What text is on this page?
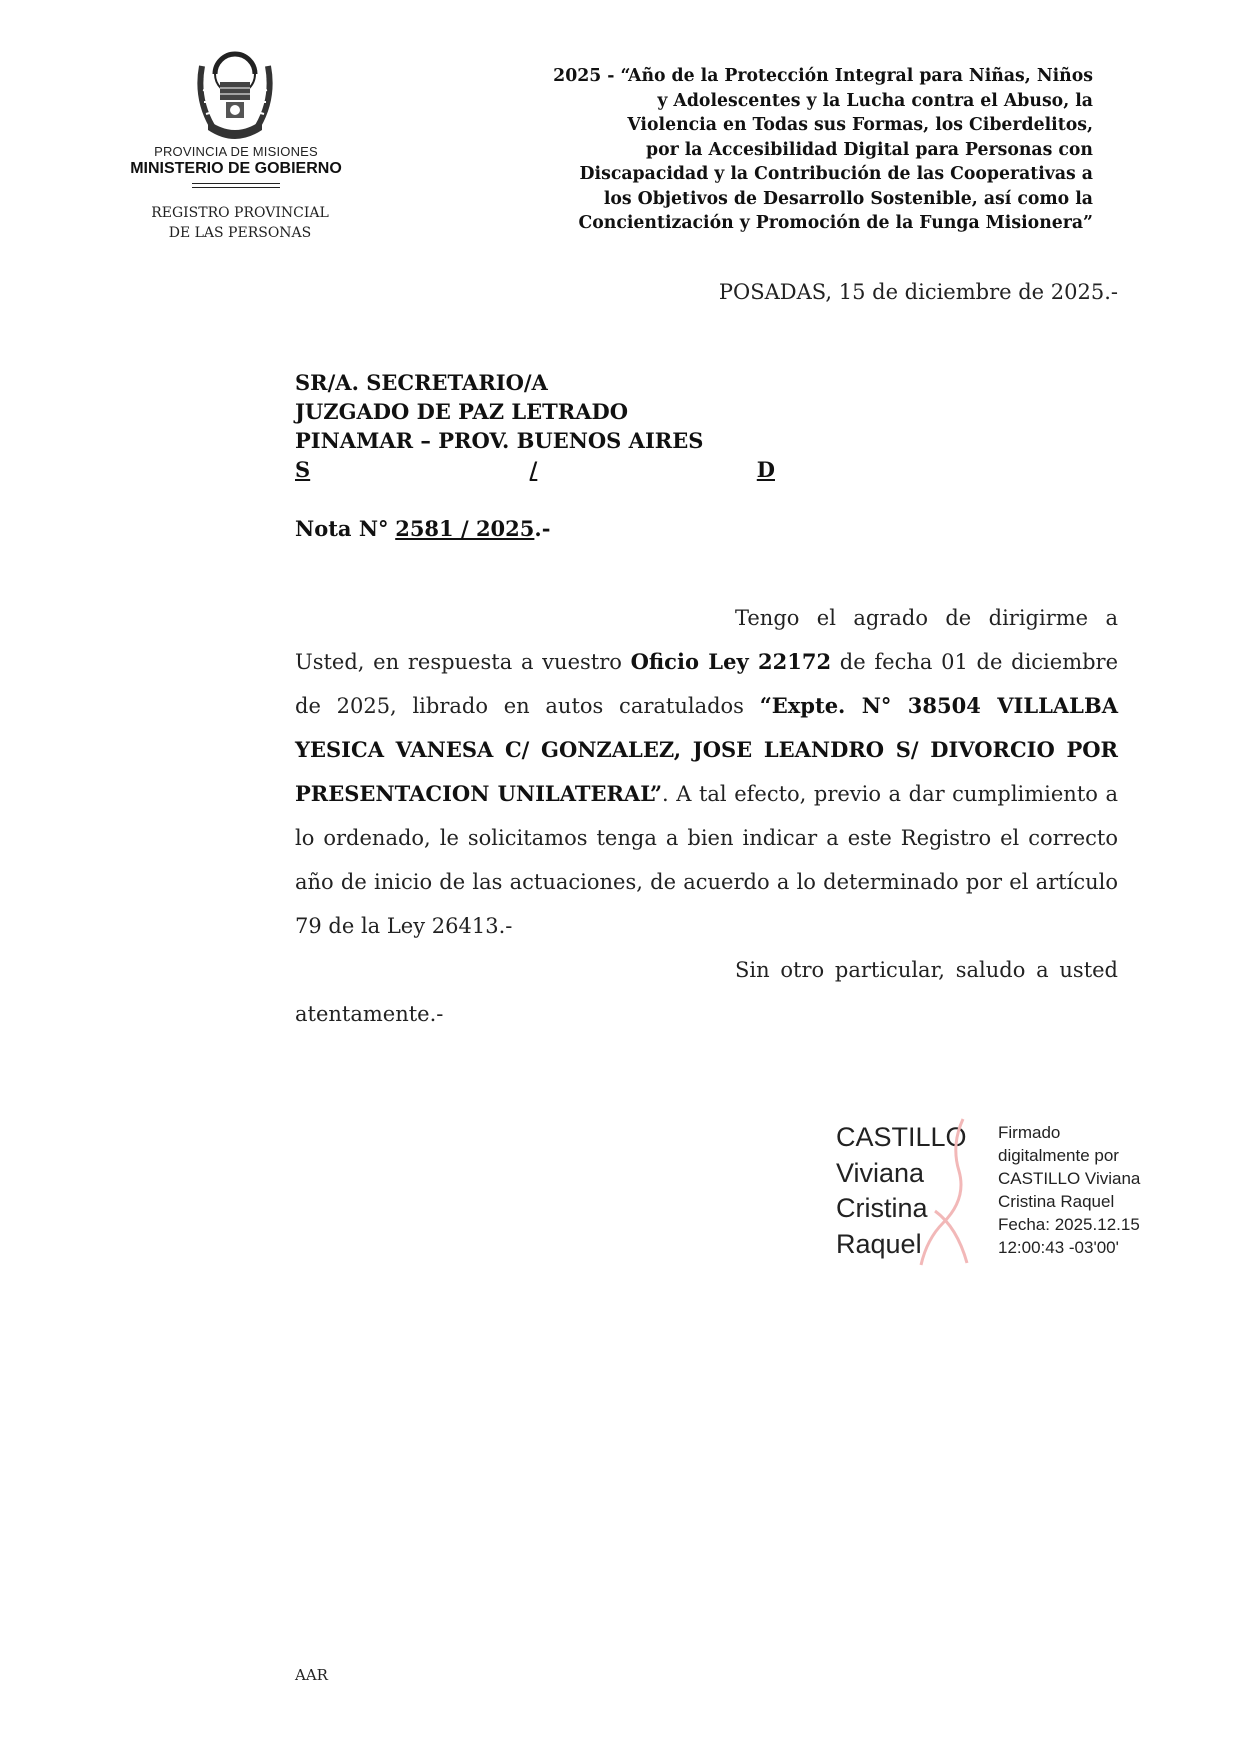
PROVINCIA DE MISIONES
MINISTERIO DE GOBIERNO
REGISTRO PROVINCIAL
DE LAS PERSONAS
2025 - “Año de la Protección Integral para Niñas, Niños
y Adolescentes y la Lucha contra el Abuso, la
Violencia en Todas sus Formas, los Ciberdelitos,
por la Accesibilidad Digital para Personas con
Discapacidad y la Contribución de las Cooperativas a
los Objetivos de Desarrollo Sostenible, así como la
Concientización y Promoción de la Funga Misionera”
POSADAS, 15 de diciembre de 2025.-
SR/A. SECRETARIO/A
JUZGADO DE PAZ LETRADO
PINAMAR – PROV. BUENOS AIRES
S	/	D
Nota N° 2581 / 2025.-

Tengo el agrado de dirigirme a Usted, en respuesta a vuestro Oficio Ley 22172 de fecha 01 de diciembre de 2025, librado en autos caratulados “Expte. N° 38504 VILLALBA YESICA VANESA C/ GONZALEZ, JOSE LEANDRO S/ DIVORCIO POR PRESENTACION UNILATERAL”. A tal efecto, previo a dar cumplimiento a lo ordenado, le solicitamos tenga a bien indicar a este Registro el correcto año de inicio de las actuaciones, de acuerdo a lo determinado por el artículo 79 de la Ley 26413.-

Sin otro particular, saludo a usted atentamente.-

CASTILLO
Viviana
Cristina
Raquel
Firmado
digitalmente por
CASTILLO Viviana
Cristina Raquel
Fecha: 2025.12.15
12:00:43 -03'00'
AAR
